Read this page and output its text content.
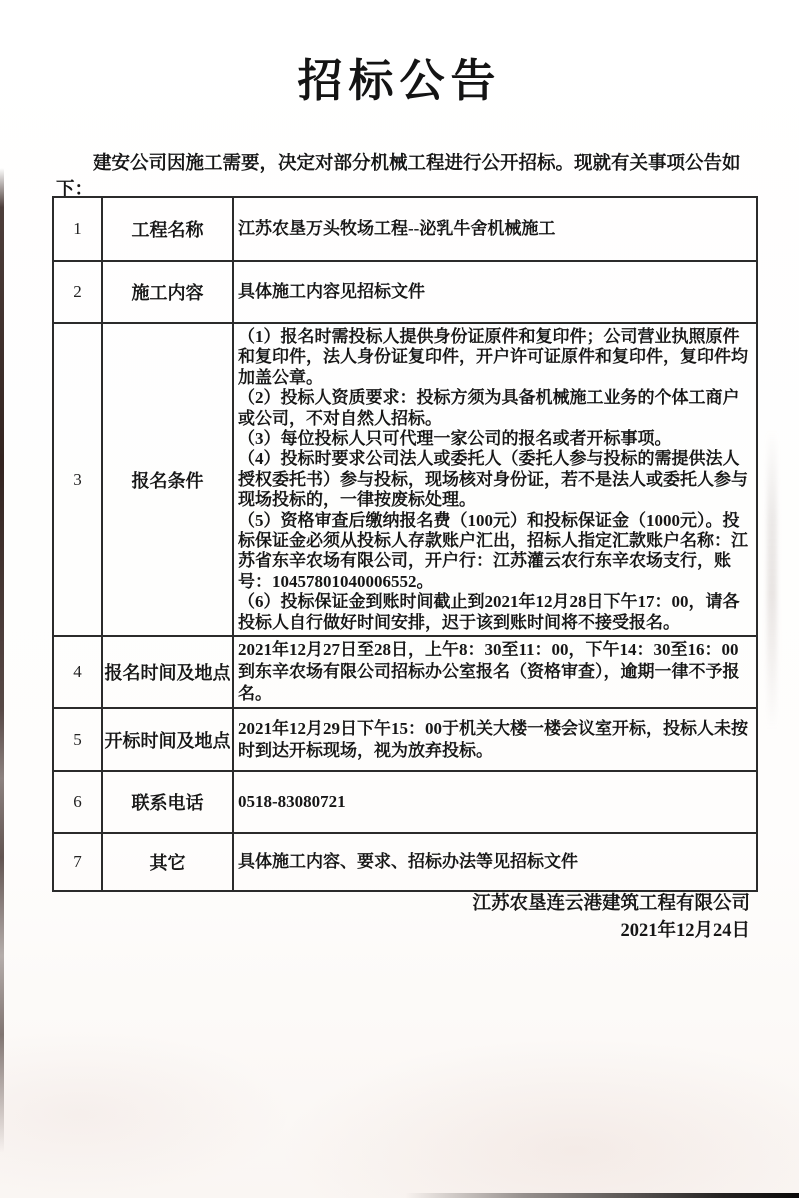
招标公告
建安公司因施工需要，决定对部分机械工程进行公开招标。现就有关事项公告如下：
1	工程名称	江苏农垦万头牧场工程--泌乳牛舍机械施工
2	施工内容	具体施工内容见招标文件
3	报名条件	

（1）报名时需投标人提供身份证原件和复印件；公司营业执照原件和复印件，法人身份证复印件，开户许可证原件和复印件，复印件均加盖公章。

（2）投标人资质要求：投标方须为具备机械施工业务的个体工商户或公司，不对自然人招标。

（3）每位投标人只可代理一家公司的报名或者开标事项。

（4）投标时要求公司法人或委托人（委托人参与投标的需提供法人授权委托书）参与投标，现场核对身份证，若不是法人或委托人参与现场投标的，一律按废标处理。

（5）资格审查后缴纳报名费（100元）和投标保证金（1000元）。投标保证金必须从投标人存款账户汇出，招标人指定汇款账户名称：江苏省东辛农场有限公司，开户行：江苏灌云农行东辛农场支行，账号：10457801040006552。

（6）投标保证金到账时间截止到2021年12月28日下午17：00，请各投标人自行做好时间安排，迟于该到账时间将不接受报名。

4	报名时间及地点	2021年12月27日至28日，上午8：30至11：00，下午14：30至16：00到东辛农场有限公司招标办公室报名（资格审查），逾期一律不予报名。
5	开标时间及地点	2021年12月29日下午15：00于机关大楼一楼会议室开标，投标人未按时到达开标现场，视为放弃投标。
6	联系电话	0518-83080721
7	其它	具体施工内容、要求、招标办法等见招标文件
江苏农垦连云港建筑工程有限公司
2021年12月24日
